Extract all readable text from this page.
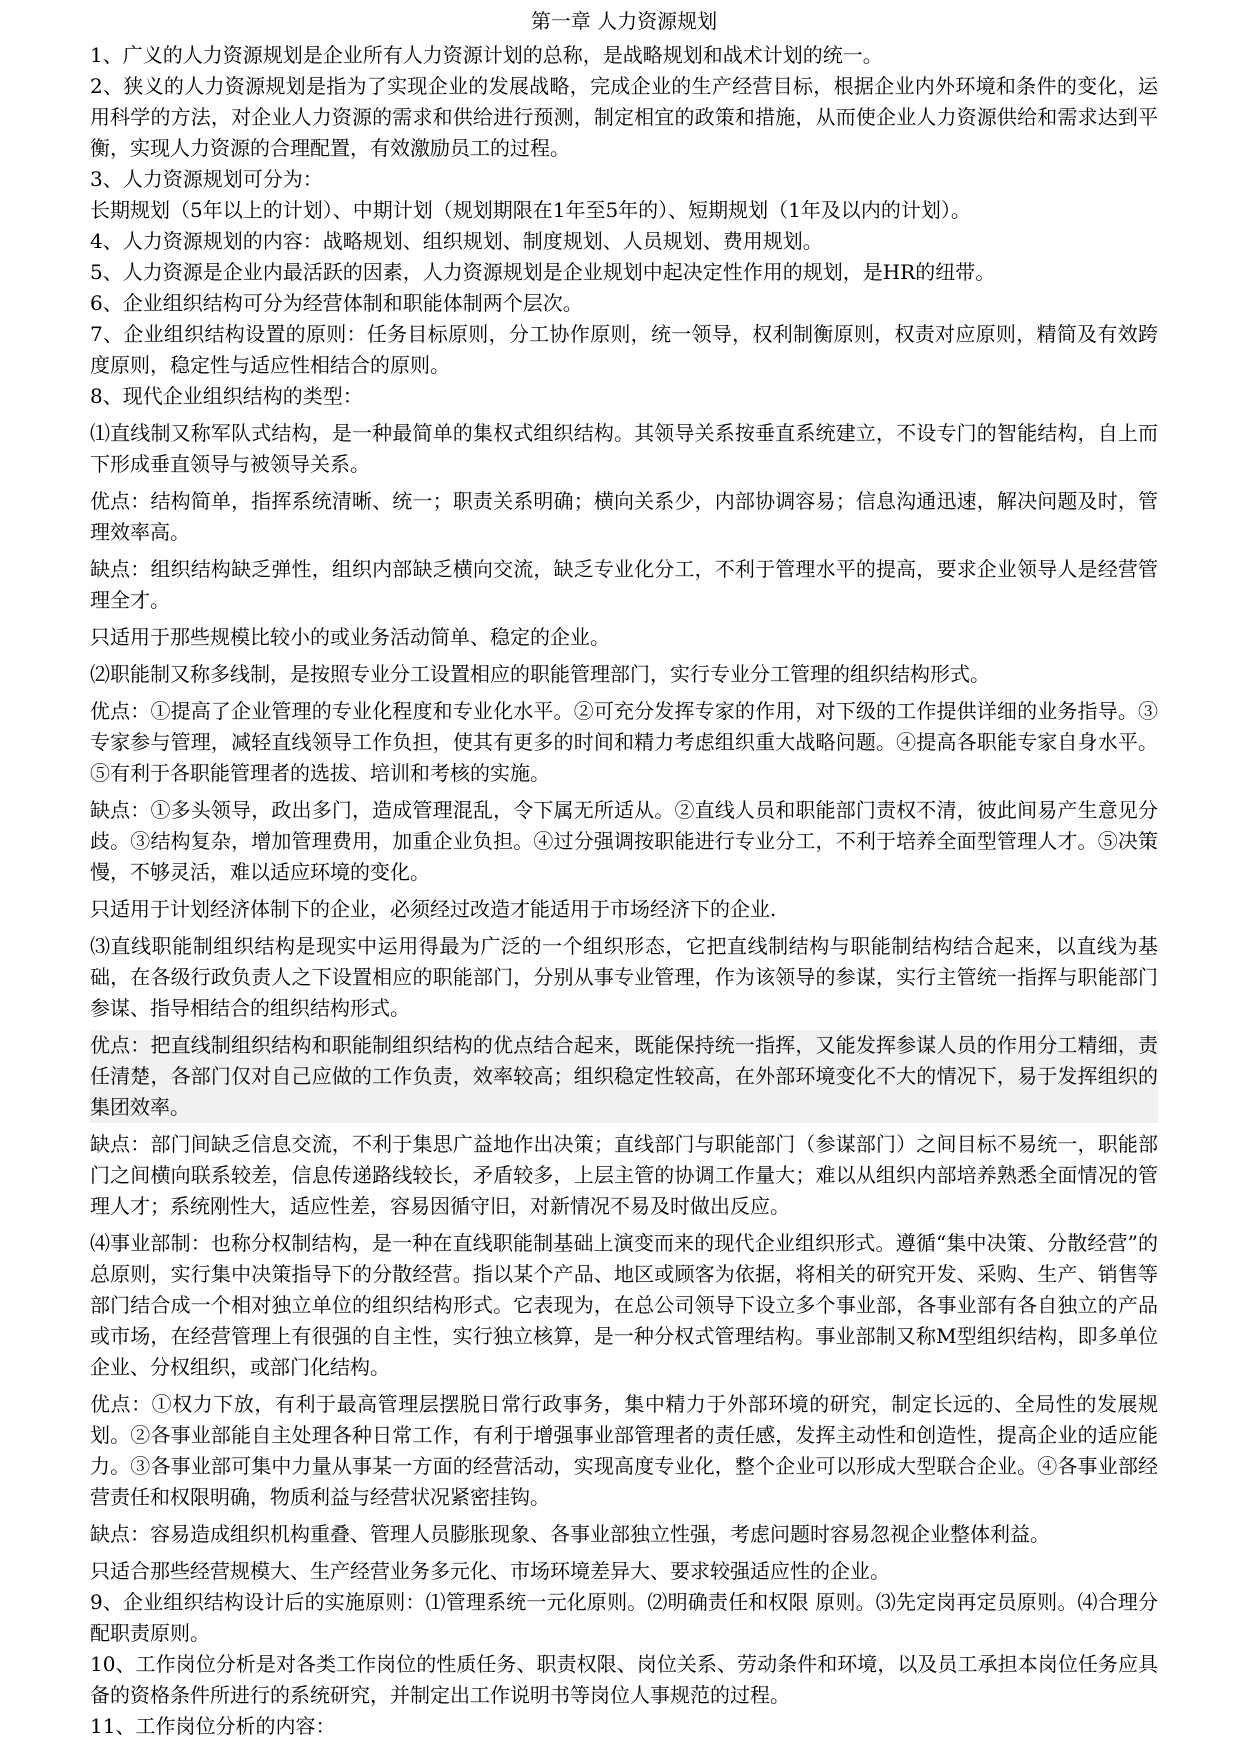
第一章 人力资源规划

1、广义的人力资源规划是企业所有人力资源计划的总称，是战略规划和战术计划的统一。

2、狭义的人力资源规划是指为了实现企业的发展战略，完成企业的生产经营目标，根据企业内外环境和条件的变化，运用科学的方法，对企业人力资源的需求和供给进行预测，制定相宜的政策和措施，从而使企业人力资源供给和需求达到平衡，实现人力资源的合理配置，有效激励员工的过程。

3、人力资源规划可分为：

长期规划（5年以上的计划）、中期计划（规划期限在1年至5年的）、短期规划（1年及以内的计划）。

4、人力资源规划的内容：战略规划、组织规划、制度规划、人员规划、费用规划。

5、人力资源是企业内最活跃的因素，人力资源规划是企业规划中起决定性作用的规划，是HR的纽带。

6、企业组织结构可分为经营体制和职能体制两个层次。

7、企业组织结构设置的原则：任务目标原则，分工协作原则，统一领导，权利制衡原则，权责对应原则，精简及有效跨度原则，稳定性与适应性相结合的原则。

8、现代企业组织结构的类型：

⑴直线制又称军队式结构，是一种最简单的集权式组织结构。其领导关系按垂直系统建立，不设专门的智能结构，自上而下形成垂直领导与被领导关系。

优点：结构简单，指挥系统清晰、统一；职责关系明确；横向关系少，内部协调容易；信息沟通迅速，解决问题及时，管理效率高。

缺点：组织结构缺乏弹性，组织内部缺乏横向交流，缺乏专业化分工，不利于管理水平的提高，要求企业领导人是经营管理全才。

只适用于那些规模比较小的或业务活动简单、稳定的企业。

⑵职能制又称多线制，是按照专业分工设置相应的职能管理部门，实行专业分工管理的组织结构形式。

优点：①提高了企业管理的专业化程度和专业化水平。②可充分发挥专家的作用，对下级的工作提供详细的业务指导。③专家参与管理，减轻直线领导工作负担，使其有更多的时间和精力考虑组织重大战略问题。④提高各职能专家自身水平。⑤有利于各职能管理者的选拔、培训和考核的实施。

缺点：①多头领导，政出多门，造成管理混乱，令下属无所适从。②直线人员和职能部门责权不清，彼此间易产生意见分歧。③结构复杂，增加管理费用，加重企业负担。④过分强调按职能进行专业分工，不利于培养全面型管理人才。⑤决策慢，不够灵活，难以适应环境的变化。

只适用于计划经济体制下的企业，必须经过改造才能适用于市场经济下的企业.

⑶直线职能制组织结构是现实中运用得最为广泛的一个组织形态，它把直线制结构与职能制结构结合起来，以直线为基础，在各级行政负责人之下设置相应的职能部门，分别从事专业管理，作为该领导的参谋，实行主管统一指挥与职能部门参谋、指导相结合的组织结构形式。

优点：把直线制组织结构和职能制组织结构的优点结合起来，既能保持统一指挥，又能发挥参谋人员的作用分工精细，责任清楚，各部门仅对自己应做的工作负责，效率较高；组织稳定性较高，在外部环境变化不大的情况下，易于发挥组织的集团效率。

缺点：部门间缺乏信息交流，不利于集思广益地作出决策；直线部门与职能部门（参谋部门）之间目标不易统一，职能部门之间横向联系较差，信息传递路线较长，矛盾较多，上层主管的协调工作量大；难以从组织内部培养熟悉全面情况的管理人才；系统刚性大，适应性差，容易因循守旧，对新情况不易及时做出反应。

⑷事业部制：也称分权制结构，是一种在直线职能制基础上演变而来的现代企业组织形式。遵循“集中决策、分散经营”的总原则，实行集中决策指导下的分散经营。指以某个产品、地区或顾客为依据，将相关的研究开发、采购、生产、销售等部门结合成一个相对独立单位的组织结构形式。它表现为，在总公司领导下设立多个事业部，各事业部有各自独立的产品或市场，在经营管理上有很强的自主性，实行独立核算，是一种分权式管理结构。事业部制又称M型组织结构，即多单位企业、分权组织，或部门化结构。

优点：①权力下放，有利于最高管理层摆脱日常行政事务，集中精力于外部环境的研究，制定长远的、全局性的发展规划。②各事业部能自主处理各种日常工作，有利于增强事业部管理者的责任感，发挥主动性和创造性，提高企业的适应能力。③各事业部可集中力量从事某一方面的经营活动，实现高度专业化，整个企业可以形成大型联合企业。④各事业部经营责任和权限明确，物质利益与经营状况紧密挂钩。

缺点：容易造成组织机构重叠、管理人员膨胀现象、各事业部独立性强，考虑问题时容易忽视企业整体利益。

只适合那些经营规模大、生产经营业务多元化、市场环境差异大、要求较强适应性的企业。

9、企业组织结构设计后的实施原则：⑴管理系统一元化原则。⑵明确责任和权限 原则。⑶先定岗再定员原则。⑷合理分配职责原则。

10、工作岗位分析是对各类工作岗位的性质任务、职责权限、岗位关系、劳动条件和环境，以及员工承担本岗位任务应具备的资格条件所进行的系统研究，并制定出工作说明书等岗位人事规范的过程。

11、工作岗位分析的内容：
